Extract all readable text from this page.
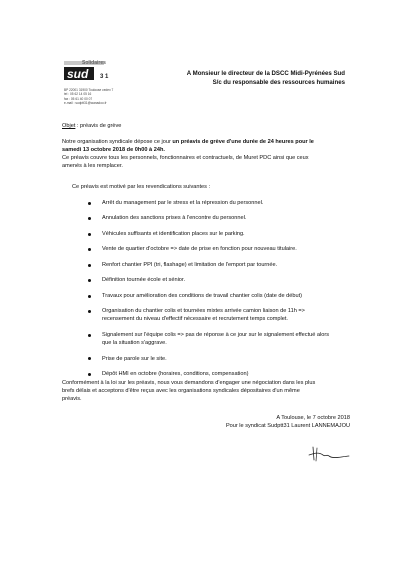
Solidaires
sud 3 1
BP 22001 31900 Toulouse cedex 7
tel : 05 62 14 05 16
fax : 05 61 40 00 07
e-mail : sudptt31@wanadoo.fr
A Monsieur le directeur de la DSCC Midi-Pyrénées Sud
S/c du responsable des ressources humaines
Objet : préavis de grève
Notre organisation syndicale dépose ce jour un préavis de grève d'une durée de 24 heures pour le
samedi 13 octobre 2018 de 0h00 à 24h.
Ce préavis couvre tous les personnels, fonctionnaires et contractuels, de Muret PDC ainsi que ceux
amenés à les remplacer.
Ce préavis est motivé par les revendications suivantes :
Arrêt du management par le stress et la répression du personnel.
Annulation des sanctions prises à l'encontre du personnel.
Véhicules suffisants et identification places sur le parking.
Vente de quartier d'octobre => date de prise en fonction pour nouveau titulaire.
Renfort chantier PPI (tri, flashage) et limitation de l'emport par tournée.
Définition tournée école et sénior.
Travaux pour amélioration des conditions de travail chantier colis (date de début)
Organisation du chantier colis et tournées mixtes arrivée camion liaison de 11h =>
recensement du niveau d'effectif nécessaire et recrutement temps complet.
Signalement sur l'équipe colis => pas de réponse à ce jour sur le signalement effectué alors
que la situation s'aggrave.
Prise de parole sur le site.
Dépôt HMI en octobre (horaires, conditions, compensation)
Conformément à la loi sur les préavis, nous vous demandons d'engager une négociation dans les plus
brefs délais et acceptons d'être reçus avec les organisations syndicales dépositaires d'un même
préavis.
A Toulouse, le 7 octobre 2018
Pour le syndicat Sudptt31 Laurent LANNEMAJOU
